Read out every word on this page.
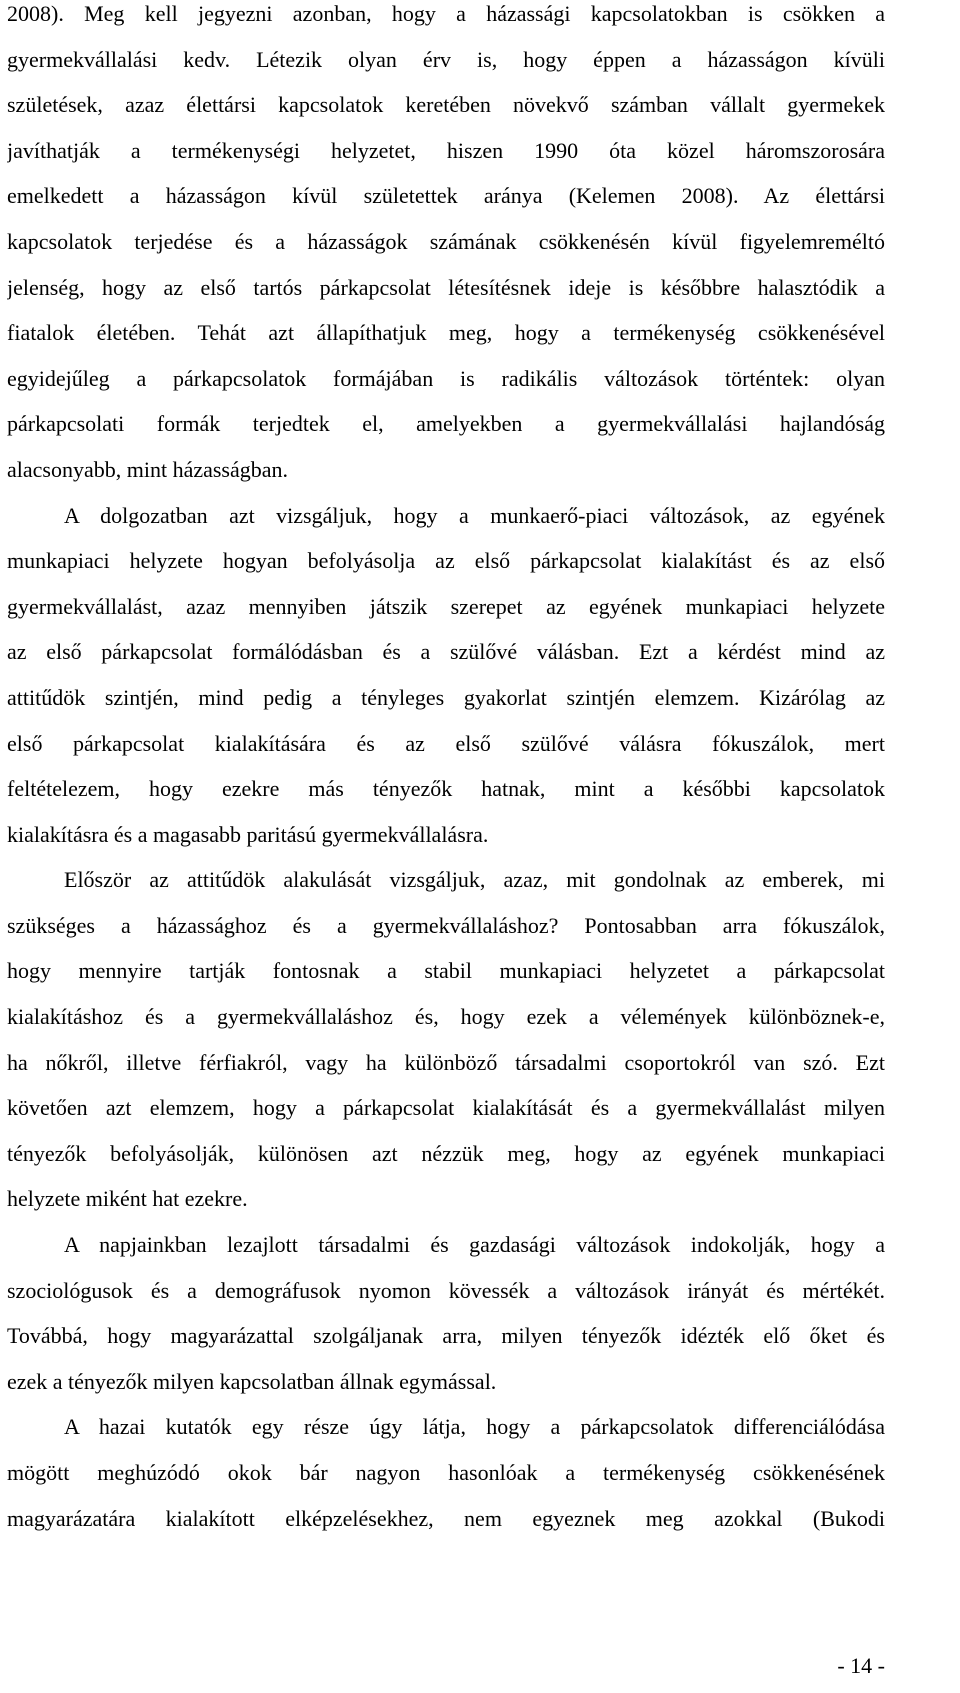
2008). Meg kell jegyezni azonban, hogy a házassági kapcsolatokban is csökken a
gyermekvállalási kedv. Létezik olyan érv is, hogy éppen a házasságon kívüli
születések, azaz élettársi kapcsolatok keretében növekvő számban vállalt gyermekek
javíthatják a termékenységi helyzetet, hiszen 1990 óta közel háromszorosára
emelkedett a házasságon kívül születettek aránya (Kelemen 2008). Az élettársi
kapcsolatok terjedése és a házasságok számának csökkenésén kívül figyelemreméltó
jelenség, hogy az első tartós párkapcsolat létesítésnek ideje is későbbre halasztódik a
fiatalok életében. Tehát azt állapíthatjuk meg, hogy a termékenység csökkenésével
egyidejűleg a párkapcsolatok formájában is radikális változások történtek: olyan
párkapcsolati formák terjedtek el, amelyekben a gyermekvállalási hajlandóság
alacsonyabb, mint házasságban.
A dolgozatban azt vizsgáljuk, hogy a munkaerő-piaci változások, az egyének
munkapiaci helyzete hogyan befolyásolja az első párkapcsolat kialakítást és az első
gyermekvállalást, azaz mennyiben játszik szerepet az egyének munkapiaci helyzete
az első párkapcsolat formálódásban és a szülővé válásban. Ezt a kérdést mind az
attitűdök szintjén, mind pedig a tényleges gyakorlat szintjén elemzem. Kizárólag az
első párkapcsolat kialakítására és az első szülővé válásra fókuszálok, mert
feltételezem, hogy ezekre más tényezők hatnak, mint a későbbi kapcsolatok
kialakításra és a magasabb paritású gyermekvállalásra.
Először az attitűdök alakulását vizsgáljuk, azaz, mit gondolnak az emberek, mi
szükséges a házassághoz és a gyermekvállaláshoz? Pontosabban arra fókuszálok,
hogy mennyire tartják fontosnak a stabil munkapiaci helyzetet a párkapcsolat
kialakításhoz és a gyermekvállaláshoz és, hogy ezek a vélemények különböznek-e,
ha nőkről, illetve férfiakról, vagy ha különböző társadalmi csoportokról van szó. Ezt
követően azt elemzem, hogy a párkapcsolat kialakítását és a gyermekvállalást milyen
tényezők befolyásolják, különösen azt nézzük meg, hogy az egyének munkapiaci
helyzete miként hat ezekre.
A napjainkban lezajlott társadalmi és gazdasági változások indokolják, hogy a
szociológusok és a demográfusok nyomon kövessék a változások irányát és mértékét.
Továbbá, hogy magyarázattal szolgáljanak arra, milyen tényezők idézték elő őket és
ezek a tényezők milyen kapcsolatban állnak egymással.
A hazai kutatók egy része úgy látja, hogy a párkapcsolatok differenciálódása
mögött meghúzódó okok bár nagyon hasonlóak a termékenység csökkenésének
magyarázatára kialakított elképzelésekhez, nem egyeznek meg azokkal (Bukodi
- 14 -
